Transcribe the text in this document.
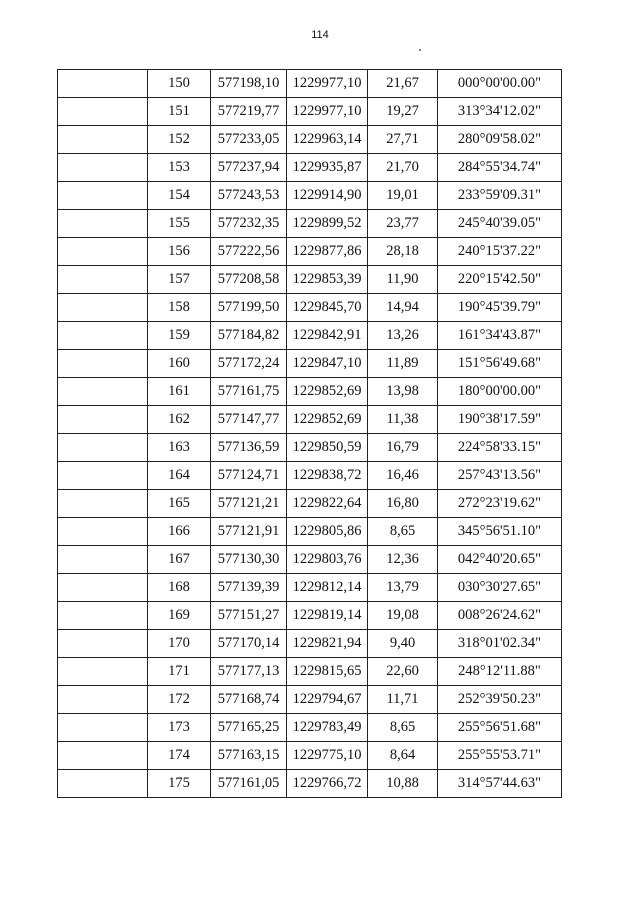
114
	150	577198,10	1229977,10	21,67	000°00'00.00"
	151	577219,77	1229977,10	19,27	313°34'12.02"
	152	577233,05	1229963,14	27,71	280°09'58.02"
	153	577237,94	1229935,87	21,70	284°55'34.74"
	154	577243,53	1229914,90	19,01	233°59'09.31"
	155	577232,35	1229899,52	23,77	245°40'39.05"
	156	577222,56	1229877,86	28,18	240°15'37.22"
	157	577208,58	1229853,39	11,90	220°15'42.50"
	158	577199,50	1229845,70	14,94	190°45'39.79"
	159	577184,82	1229842,91	13,26	161°34'43.87"
	160	577172,24	1229847,10	11,89	151°56'49.68"
	161	577161,75	1229852,69	13,98	180°00'00.00"
	162	577147,77	1229852,69	11,38	190°38'17.59"
	163	577136,59	1229850,59	16,79	224°58'33.15"
	164	577124,71	1229838,72	16,46	257°43'13.56"
	165	577121,21	1229822,64	16,80	272°23'19.62"
	166	577121,91	1229805,86	8,65	345°56'51.10"
	167	577130,30	1229803,76	12,36	042°40'20.65"
	168	577139,39	1229812,14	13,79	030°30'27.65"
	169	577151,27	1229819,14	19,08	008°26'24.62"
	170	577170,14	1229821,94	9,40	318°01'02.34"
	171	577177,13	1229815,65	22,60	248°12'11.88"
	172	577168,74	1229794,67	11,71	252°39'50.23"
	173	577165,25	1229783,49	8,65	255°56'51.68"
	174	577163,15	1229775,10	8,64	255°55'53.71"
	175	577161,05	1229766,72	10,88	314°57'44.63"
